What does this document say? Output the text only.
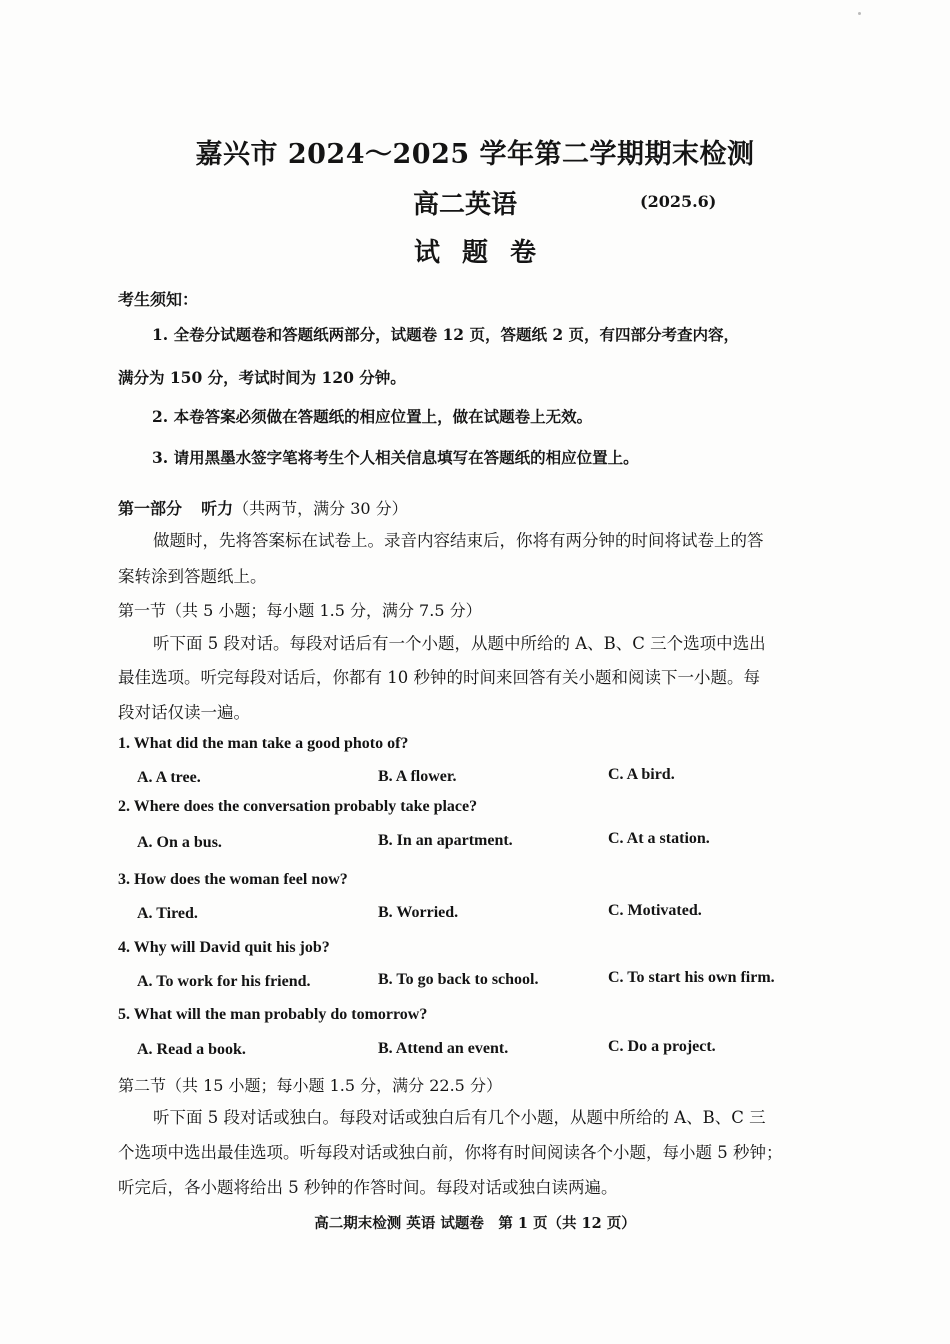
嘉兴市 2024～2025 学年第二学期期末检测
高二英语	(2025.6)
试题卷
考生须知：
1. 全卷分试题卷和答题纸两部分，试题卷 12 页，答题纸 2 页，有四部分考查内容，
满分为 150 分，考试时间为 120 分钟。
2. 本卷答案必须做在答题纸的相应位置上，做在试题卷上无效。
3. 请用黑墨水签字笔将考生个人相关信息填写在答题纸的相应位置上。
第一部分 听力（共两节，满分 30 分）
做题时，先将答案标在试卷上。录音内容结束后，你将有两分钟的时间将试卷上的答
案转涂到答题纸上。
第一节（共 5 小题；每小题 1.5 分，满分 7.5 分）
听下面 5 段对话。每段对话后有一个小题，从题中所给的 A、B、C 三个选项中选出
最佳选项。听完每段对话后，你都有 10 秒钟的时间来回答有关小题和阅读下一小题。每
段对话仅读一遍。
1. What did the man take a good photo of?
A. A tree.	B. A flower.	C. A bird.
2. Where does the conversation probably take place?
A. On a bus.	B. In an apartment.	C. At a station.
3. How does the woman feel now?
A. Tired.	B. Worried.	C. Motivated.
4. Why will David quit his job?
A. To work for his friend.	B. To go back to school.	C. To start his own firm.
5. What will the man probably do tomorrow?
A. Read a book.	B. Attend an event.	C. Do a project.
第二节（共 15 小题；每小题 1.5 分，满分 22.5 分）
听下面 5 段对话或独白。每段对话或独白后有几个小题，从题中所给的 A、B、C 三
个选项中选出最佳选项。听每段对话或独白前，你将有时间阅读各个小题，每小题 5 秒钟；
听完后，各小题将给出 5 秒钟的作答时间。每段对话或独白读两遍。
高二期末检测 英语 试题卷　第 1 页（共 12 页）
